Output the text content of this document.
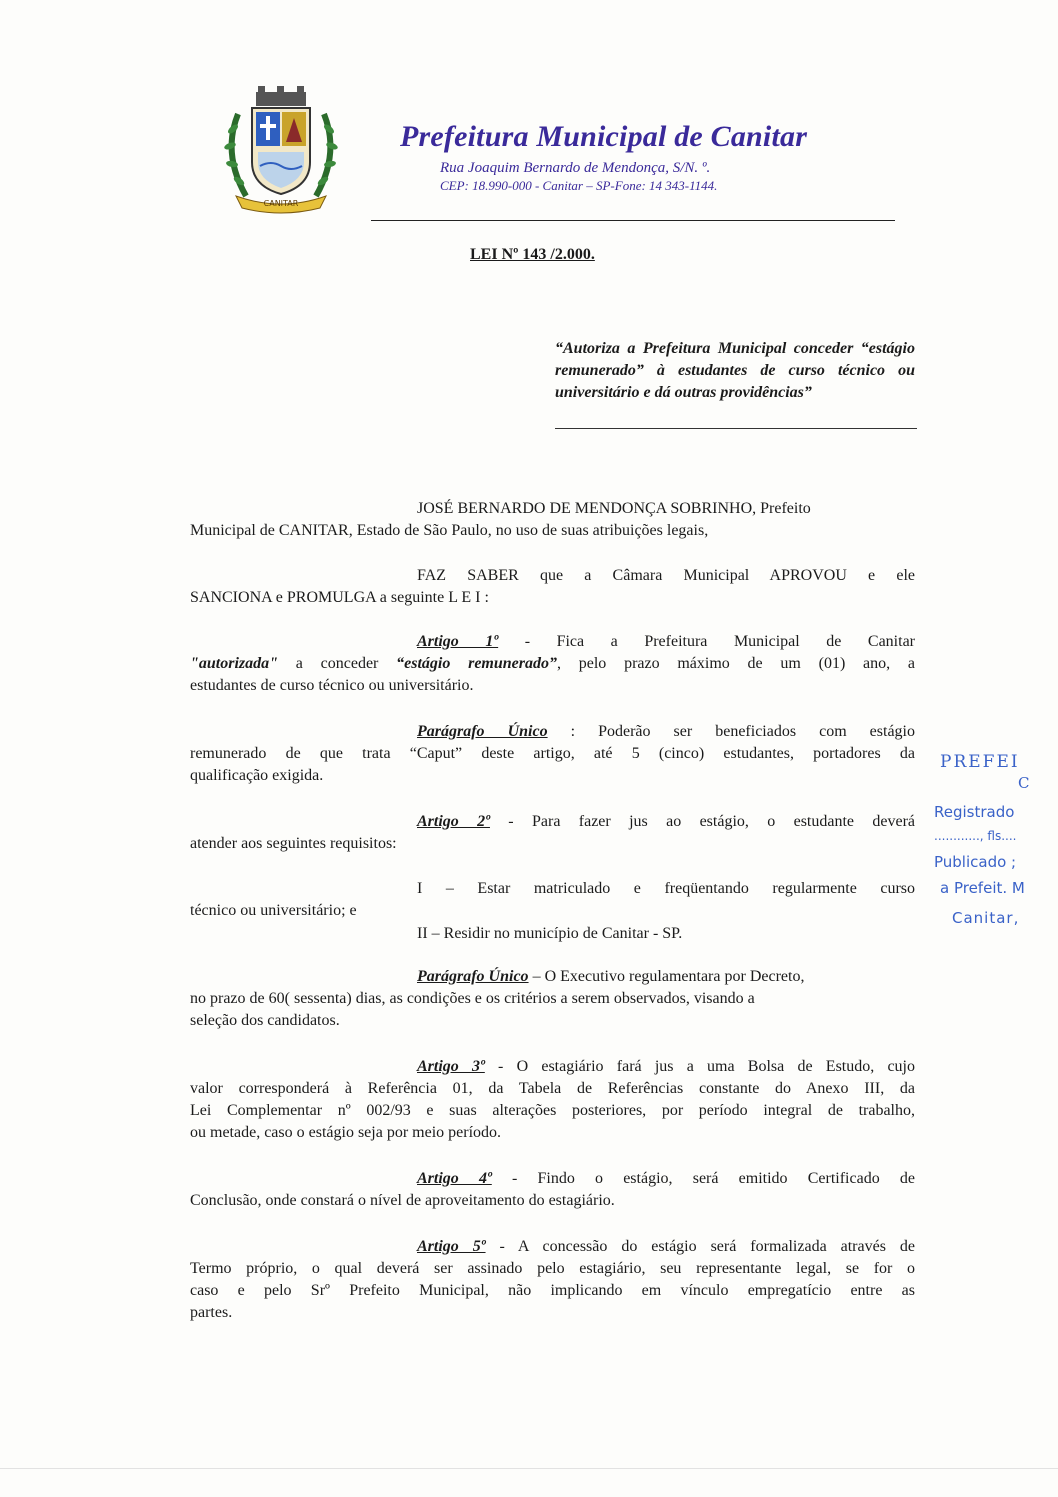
CANITAR
Prefeitura Municipal de Canitar
Rua Joaquim Bernardo de Mendonça, S/N. º.
CEP: 18.990-000 - Canitar – SP-Fone: 14 343-1144.
LEI Nº 143 /2.000.
“Autoriza a Prefeitura Municipal conceder “estágio remunerado” à estudantes de curso técnico ou universitário e dá outras providências”
JOSÉ BERNARDO DE MENDONÇA SOBRINHO, Prefeito
Municipal de CANITAR, Estado de São Paulo, no uso de suas atribuições legais,
FAZ SABER que a Câmara Municipal APROVOU e ele
SANCIONA e PROMULGA a seguinte L E I :
Artigo 1º - Fica a Prefeitura Municipal de Canitar
"autorizada" a conceder “estágio remunerado”, pelo prazo máximo de um (01) ano, a
estudantes de curso técnico ou universitário.
Parágrafo Único : Poderão ser beneficiados com estágio
remunerado de que trata “Caput” deste artigo, até 5 (cinco) estudantes, portadores da
qualificação exigida.
Artigo 2º - Para fazer jus ao estágio, o estudante deverá
atender aos seguintes requisitos:
I – Estar matriculado e freqüentando regularmente curso
técnico ou universitário; e
II – Residir no município de Canitar - SP.
Parágrafo Único – O Executivo regulamentara por Decreto,
no prazo de 60( sessenta) dias, as condições e os critérios a serem observados, visando a
seleção dos candidatos.
Artigo 3º - O estagiário fará jus a uma Bolsa de Estudo, cujo
valor corresponderá à Referência 01, da Tabela de Referências constante do Anexo III, da
Lei Complementar nº 002/93 e suas alterações posteriores, por período integral de trabalho,
ou metade, caso o estágio seja por meio período.
Artigo 4º - Findo o estágio, será emitido Certificado de
Conclusão, onde constará o nível de aproveitamento do estagiário.
Artigo 5º - A concessão do estágio será formalizada através de
Termo próprio, o qual deverá ser assinado pelo estagiário, seu representante legal, se for o
caso e pelo Srº Prefeito Municipal, não implicando em vínculo empregatício entre as
partes.
PREFEI
C
Registrado
............, fls....
Publicado ;
a Prefeit. M
Canitar,
